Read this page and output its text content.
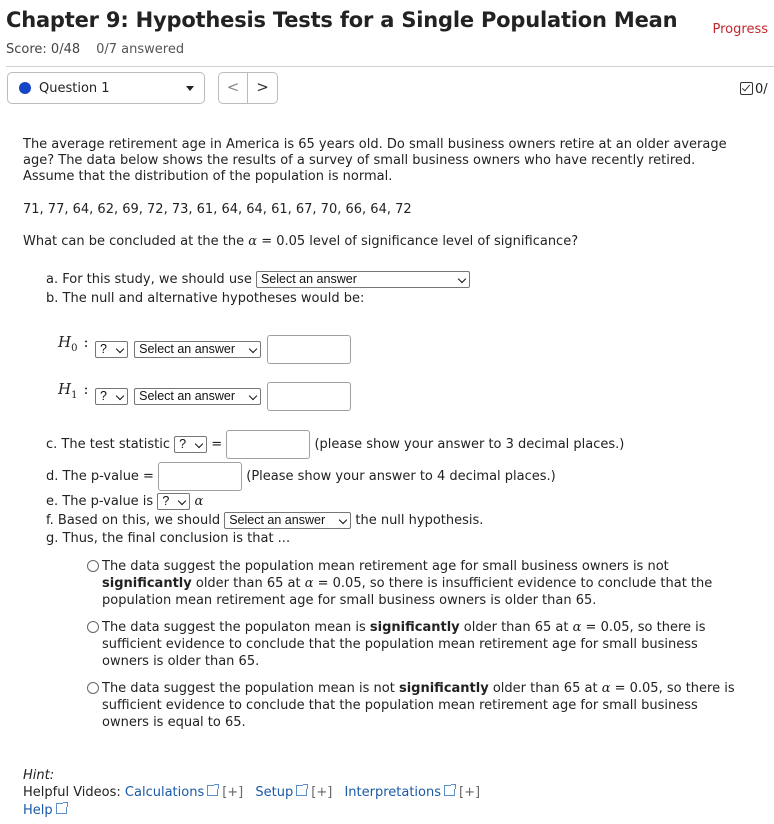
Chapter 9: Hypothesis Tests for a Single Population Mean	Progress
Score: 0/48 0/7 answered
Question 1	<	>	0/
The average retirement age in America is 65 years old. Do small business owners retire at an older average age? The data below shows the results of a survey of small business owners who have recently retired. Assume that the distribution of the population is normal.
71, 77, 64, 62, 69, 72, 73, 61, 64, 64, 61, 67, 70, 66, 64, 72
What can be concluded at the the α = 0.05 level of significance level of significance?
a. For this study, we should use Select an answer
b. The null and alternative hypotheses would be:
$H_0$ : ?	Select an answer

$H_1$ : ?	Select an answer

c. The test statistic ? =	(please show your answer to 3 decimal places.)
d. The p-value =	(Please show your answer to 4 decimal places.)
e. The p-value is ? α
f. Based on this, we should Select an answer the null hypothesis.
g. Thus, the final conclusion is that ...
The data suggest the population mean retirement age for small business owners is not significantly older than 65 at α = 0.05, so there is insufficient evidence to conclude that the population mean retirement age for small business owners is older than 65.
The data suggest the populaton mean is significantly older than 65 at α = 0.05, so there is sufficient evidence to conclude that the population mean retirement age for small business owners is older than 65.
The data suggest the population mean is not significantly older than 65 at α = 0.05, so there is sufficient evidence to conclude that the population mean retirement age for small business owners is equal to 65.
Hint:
Helpful Videos: Calculations [+] Setup [+] Interpretations [+]
Help
